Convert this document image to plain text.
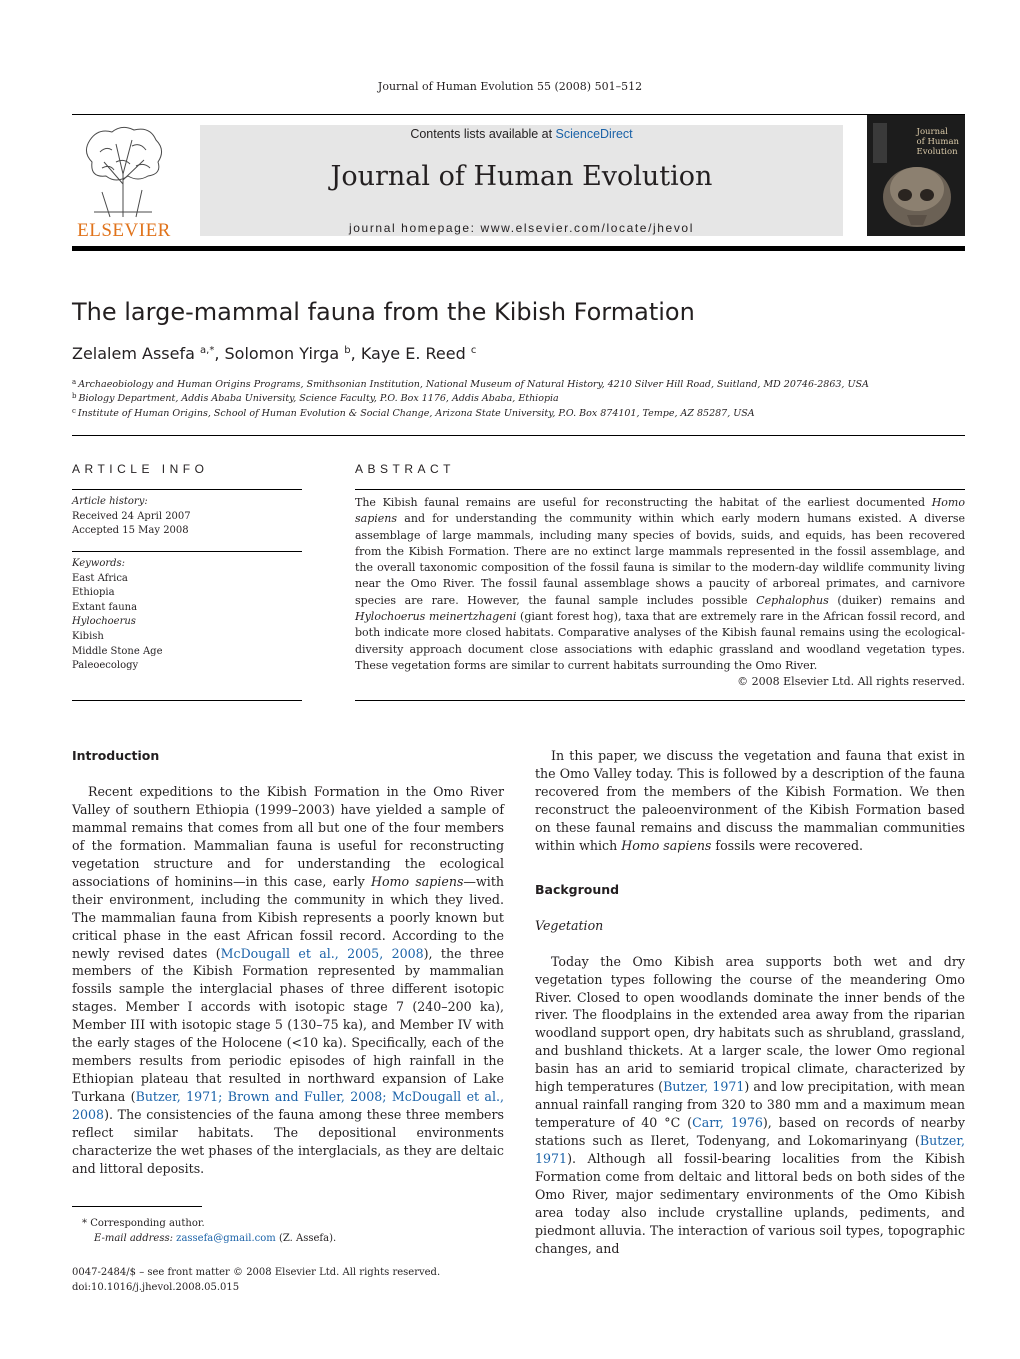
Journal of Human Evolution 55 (2008) 501–512
ELSEVIER
Contents lists available at ScienceDirect
Journal of Human Evolution
journal homepage: www.elsevier.com/locate/jhevol
Journal
of Human
Evolution
The large-mammal fauna from the Kibish Formation
Zelalem Assefa $^{a,*}$, Solomon Yirga $^b$, Kaye E. Reed $^c$
$^a$ Archaeobiology and Human Origins Programs, Smithsonian Institution, National Museum of Natural History, 4210 Silver Hill Road, Suitland, MD 20746-2863, USA
$^b$ Biology Department, Addis Ababa University, Science Faculty, P.O. Box 1176, Addis Ababa, Ethiopia
$^c$ Institute of Human Origins, School of Human Evolution & Social Change, Arizona State University, P.O. Box 874101, Tempe, AZ 85287, USA
ARTICLE INFO	ABSTRACT
Article history:
Received 24 April 2007
Accepted 15 May 2008
Keywords:
East Africa
Ethiopia
Extant fauna
Hylochoerus
Kibish
Middle Stone Age
Paleoecology

The Kibish faunal remains are useful for reconstructing the habitat of the earliest documented Homo sapiens and for understanding the community within which early modern humans existed. A diverse assemblage of large mammals, including many species of bovids, suids, and equids, has been recovered from the Kibish Formation. There are no extinct large mammals represented in the fossil assemblage, and the overall taxonomic composition of the fossil fauna is similar to the modern-day wildlife community living near the Omo River. The fossil faunal assemblage shows a paucity of arboreal primates, and carnivore species are rare. However, the faunal sample includes possible Cephalophus (duiker) remains and Hylochoerus meinertzhageni (giant forest hog), taxa that are extremely rare in the African fossil record, and both indicate more closed habitats. Comparative analyses of the Kibish faunal remains using the ecological-diversity approach document close associations with edaphic grassland and woodland vegetation types. These vegetation forms are similar to current habitats surrounding the Omo River.

© 2008 Elsevier Ltd. All rights reserved.

Introduction

Recent expeditions to the Kibish Formation in the Omo River Valley of southern Ethiopia (1999–2003) have yielded a sample of mammal remains that comes from all but one of the four members of the formation. Mammalian fauna is useful for reconstructing vegetation structure and for understanding the ecological associations of hominins—in this case, early Homo sapiens—with their environment, including the community in which they lived. The mammalian fauna from Kibish represents a poorly known but critical phase in the east African fossil record. According to the newly revised dates (McDougall et al., 2005, 2008), the three members of the Kibish Formation represented by mammalian fossils sample the interglacial phases of three different isotopic stages. Member I accords with isotopic stage 7 (240–200 ka), Member III with isotopic stage 5 (130–75 ka), and Member IV with the early stages of the Holocene (<10 ka). Specifically, each of the members results from periodic episodes of high rainfall in the Ethiopian plateau that resulted in northward expansion of Lake Turkana (Butzer, 1971; Brown and Fuller, 2008; McDougall et al., 2008). The consistencies of the fauna among these three members reflect similar habitats. The depositional environments characterize the wet phases of the interglacials, as they are deltaic and littoral deposits.

* Corresponding author.
E-mail address: zassefa@gmail.com (Z. Assefa).
0047-2484/$ – see front matter © 2008 Elsevier Ltd. All rights reserved.
doi:10.1016/j.jhevol.2008.05.015

In this paper, we discuss the vegetation and fauna that exist in the Omo Valley today. This is followed by a description of the fauna recovered from the members of the Kibish Formation. We then reconstruct the paleoenvironment of the Kibish Formation based on these faunal remains and discuss the mammalian communities within which Homo sapiens fossils were recovered.

Background
Vegetation

Today the Omo Kibish area supports both wet and dry vegetation types following the course of the meandering Omo River. Closed to open woodlands dominate the inner bends of the river. The floodplains in the extended area away from the riparian woodland support open, dry habitats such as shrubland, grassland, and bushland thickets. At a larger scale, the lower Omo regional basin has an arid to semiarid tropical climate, characterized by high temperatures (Butzer, 1971) and low precipitation, with mean annual rainfall ranging from 320 to 380 mm and a maximum mean temperature of 40 °C (Carr, 1976), based on records of nearby stations such as Ileret, Todenyang, and Lokomarinyang (Butzer, 1971). Although all fossil-bearing localities from the Kibish Formation come from deltaic and littoral beds on both sides of the Omo River, major sedimentary environments of the Omo Kibish area today also include crystalline uplands, pediments, and piedmont alluvia. The interaction of various soil types, topographic changes, and
